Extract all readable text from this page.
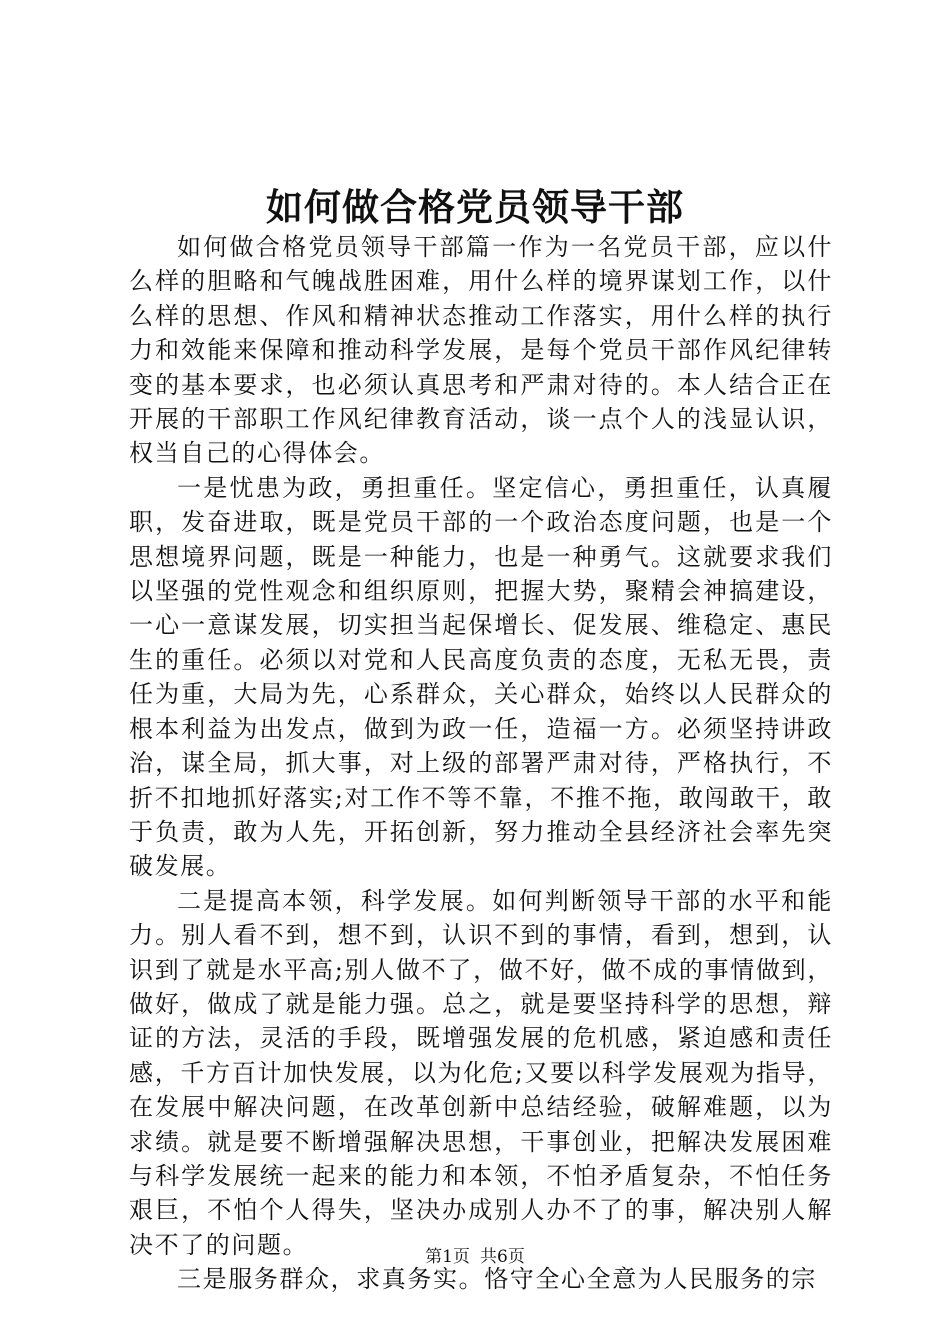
如何做合格党员领导干部

如何做合格党员领导干部篇一作为一名党员干部，应以什么样的胆略和气魄战胜困难，用什么样的境界谋划工作，以什么样的思想、作风和精神状态推动工作落实，用什么样的执行力和效能来保障和推动科学发展，是每个党员干部作风纪律转变的基本要求，也必须认真思考和严肃对待的。本人结合正在开展的干部职工作风纪律教育活动，谈一点个人的浅显认识，权当自己的心得体会。

一是忧患为政，勇担重任。坚定信心，勇担重任，认真履职，发奋进取，既是党员干部的一个政治态度问题，也是一个思想境界问题，既是一种能力，也是一种勇气。这就要求我们以坚强的党性观念和组织原则，把握大势，聚精会神搞建设，一心一意谋发展，切实担当起保增长、促发展、维稳定、惠民生的重任。必须以对党和人民高度负责的态度，无私无畏，责任为重，大局为先，心系群众，关心群众，始终以人民群众的根本利益为出发点，做到为政一任，造福一方。必须坚持讲政治，谋全局，抓大事，对上级的部署严肃对待，严格执行，不折不扣地抓好落实;对工作不等不靠，不推不拖，敢闯敢干，敢于负责，敢为人先，开拓创新，努力推动全县经济社会率先突破发展。

二是提高本领，科学发展。如何判断领导干部的水平和能力。别人看不到，想不到，认识不到的事情，看到，想到，认识到了就是水平高;别人做不了，做不好，做不成的事情做到，做好，做成了就是能力强。总之，就是要坚持科学的思想，辩证的方法，灵活的手段，既增强发展的危机感，紧迫感和责任感，千方百计加快发展，以为化危;又要以科学发展观为指导，在发展中解决问题，在改革创新中总结经验，破解难题，以为求绩。就是要不断增强解决思想，干事创业，把解决发展困难与科学发展统一起来的能力和本领，不怕矛盾复杂，不怕任务艰巨，不怕个人得失，坚决办成别人办不了的事，解决别人解决不了的问题。

三是服务群众，求真务实。恪守全心全意为人民服务的宗

第1页 共6页
